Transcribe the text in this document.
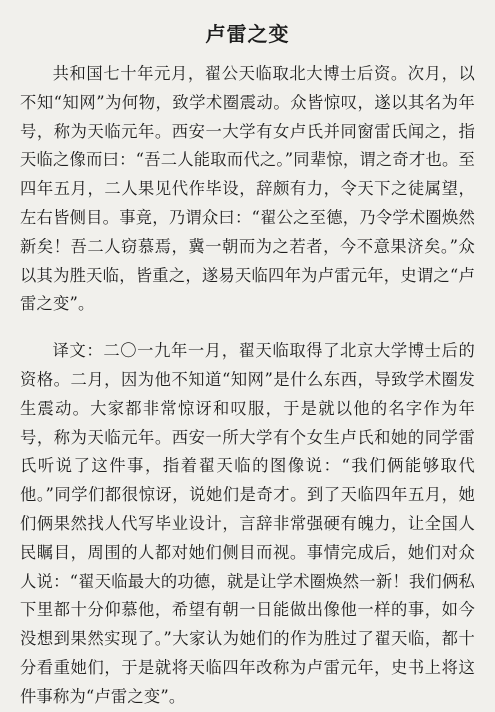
卢雷之变

共和国七十年元月，翟公天临取北大博士后资。次月，以不知“知网”为何物，致学术圈震动。众皆惊叹，遂以其名为年号，称为天临元年。西安一大学有女卢氏并同窗雷氏闻之，指天临之像而曰：“吾二人能取而代之。”同辈惊，谓之奇才也。至四年五月，二人果见代作毕设，辞颇有力，令天下之徒属望，左右皆侧目。事竟，乃谓众曰：“翟公之至德，乃令学术圈焕然新矣！吾二人窃慕焉，冀一朝而为之若者，今不意果济矣。”众以其为胜天临，皆重之，遂易天临四年为卢雷元年，史谓之“卢雷之变”。

译文：二〇一九年一月，翟天临取得了北京大学博士后的资格。二月，因为他不知道“知网”是什么东西，导致学术圈发生震动。大家都非常惊讶和叹服，于是就以他的名字作为年号，称为天临元年。西安一所大学有个女生卢氏和她的同学雷氏听说了这件事，指着翟天临的图像说：“我们俩能够取代他。”同学们都很惊讶，说她们是奇才。到了天临四年五月，她们俩果然找人代写毕业设计，言辞非常强硬有魄力，让全国人民瞩目，周围的人都对她们侧目而视。事情完成后，她们对众人说：“翟天临最大的功德，就是让学术圈焕然一新！我们俩私下里都十分仰慕他，希望有朝一日能做出像他一样的事，如今没想到果然实现了。”大家认为她们的作为胜过了翟天临，都十分看重她们，于是就将天临四年改称为卢雷元年，史书上将这件事称为“卢雷之变”。
